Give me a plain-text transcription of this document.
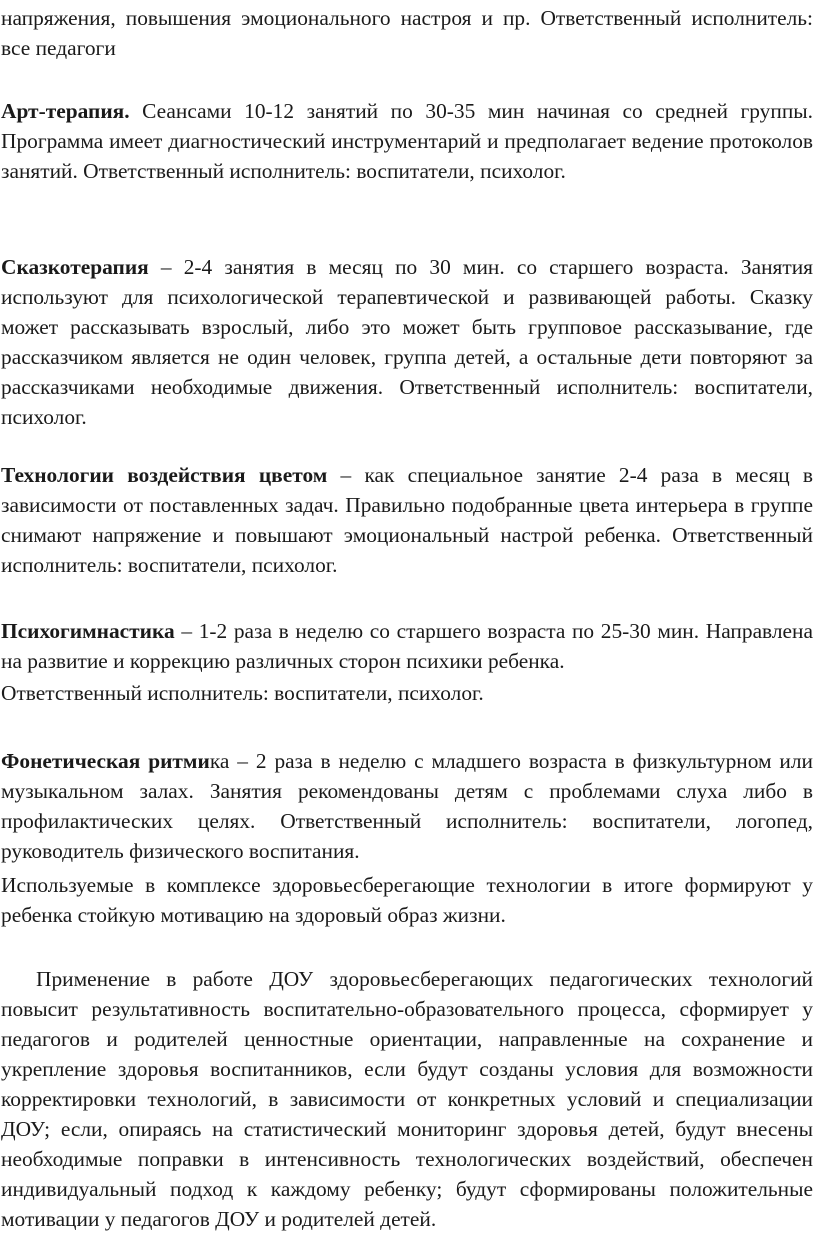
напряжения, повышения эмоционального настроя и пр. Ответственный исполнитель: все педагоги

Арт-терапия. Сеансами 10-12 занятий по 30-35 мин начиная со средней группы. Программа имеет диагностический инструментарий и предполагает ведение протоколов занятий. Ответственный исполнитель: воспитатели, психолог.

Сказкотерапия – 2-4 занятия в месяц по 30 мин. со старшего возраста. Занятия используют для психологической терапевтической и развивающей работы. Сказку может рассказывать взрослый, либо это может быть групповое рассказывание, где рассказчиком является не один человек, группа детей, а остальные дети повторяют за рассказчиками необходимые движения. Ответственный исполнитель: воспитатели, психолог.

Технологии воздействия цветом – как специальное занятие 2-4 раза в месяц в зависимости от поставленных задач. Правильно подобранные цвета интерьера в группе снимают напряжение и повышают эмоциональный настрой ребенка. Ответственный исполнитель: воспитатели, психолог.

Психогимнастика – 1-2 раза в неделю со старшего возраста по 25-30 мин. Направлена на развитие и коррекцию различных сторон психики ребенка.

Ответственный исполнитель: воспитатели, психолог.

Фонетическая ритмика – 2 раза в неделю с младшего возраста в физкультурном или музыкальном залах. Занятия рекомендованы детям с проблемами слуха либо в профилактических целях. Ответственный исполнитель: воспитатели, логопед, руководитель физического воспитания.

Используемые в комплексе здоровьесберегающие технологии в итоге формируют у ребенка стойкую мотивацию на здоровый образ жизни.

Применение в работе ДОУ здоровьесберегающих педагогических технологий повысит результативность воспитательно-образовательного процесса, сформирует у педагогов и родителей ценностные ориентации, направленные на сохранение и укрепление здоровья воспитанников, если будут созданы условия для возможности корректировки технологий, в зависимости от конкретных условий и специализации ДОУ; если, опираясь на статистический мониторинг здоровья детей, будут внесены необходимые поправки в интенсивность технологических воздействий, обеспечен индивидуальный подход к каждому ребенку; будут сформированы положительные мотивации у педагогов ДОУ и родителей детей.
